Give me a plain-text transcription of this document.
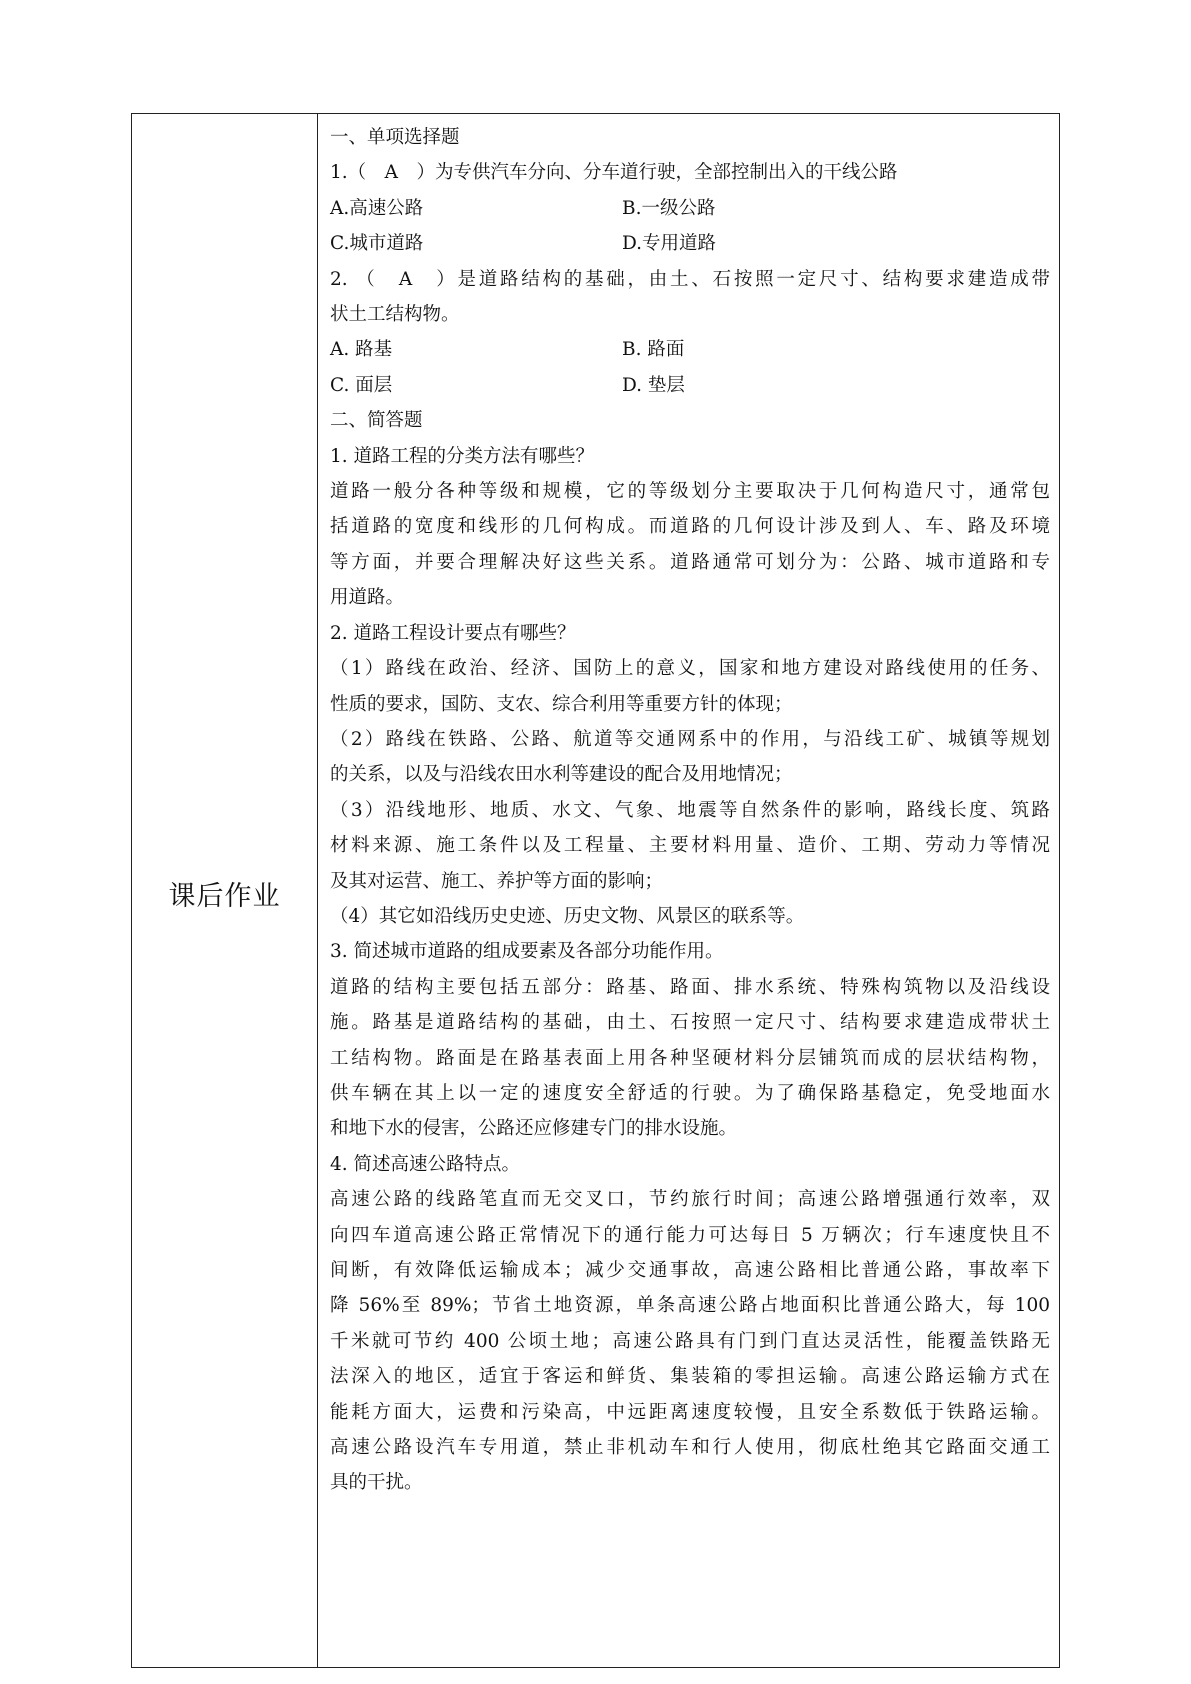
课后作业
一、单项选择题
1.（　A　）为专供汽车分向、分车道行驶，全部控制出入的干线公路
A.高速公路	B.一级公路
C.城市道路	D.专用道路
2. （　A　）是道路结构的基础，由土、石按照一定尺寸、结构要求建造成带
状土工结构物。
A. 路基	B. 路面
C. 面层	D. 垫层
二、简答题
1. 道路工程的分类方法有哪些？
道路一般分各种等级和规模，它的等级划分主要取决于几何构造尺寸，通常包
括道路的宽度和线形的几何构成。而道路的几何设计涉及到人、车、路及环境
等方面，并要合理解决好这些关系。道路通常可划分为：公路、城市道路和专
用道路。
2. 道路工程设计要点有哪些？
（1）路线在政治、经济、国防上的意义，国家和地方建设对路线使用的任务、
性质的要求，国防、支农、综合利用等重要方针的体现；
（2）路线在铁路、公路、航道等交通网系中的作用，与沿线工矿、城镇等规划
的关系，以及与沿线农田水利等建设的配合及用地情况；
（3）沿线地形、地质、水文、气象、地震等自然条件的影响，路线长度、筑路
材料来源、施工条件以及工程量、主要材料用量、造价、工期、劳动力等情况
及其对运营、施工、养护等方面的影响；
（4）其它如沿线历史史迹、历史文物、风景区的联系等。
3. 简述城市道路的组成要素及各部分功能作用。
道路的结构主要包括五部分：路基、路面、排水系统、特殊构筑物以及沿线设
施。路基是道路结构的基础，由土、石按照一定尺寸、结构要求建造成带状土
工结构物。路面是在路基表面上用各种坚硬材料分层铺筑而成的层状结构物，
供车辆在其上以一定的速度安全舒适的行驶。为了确保路基稳定，免受地面水
和地下水的侵害，公路还应修建专门的排水设施。
4. 简述高速公路特点。
高速公路的线路笔直而无交叉口，节约旅行时间；高速公路增强通行效率，双
向四车道高速公路正常情况下的通行能力可达每日 5 万辆次；行车速度快且不
间断，有效降低运输成本；减少交通事故，高速公路相比普通公路，事故率下
降 56%至 89%；节省土地资源，单条高速公路占地面积比普通公路大，每 100
千米就可节约 400 公顷土地；高速公路具有门到门直达灵活性，能覆盖铁路无
法深入的地区，适宜于客运和鲜货、集装箱的零担运输。高速公路运输方式在
能耗方面大，运费和污染高，中远距离速度较慢，且安全系数低于铁路运输。
高速公路设汽车专用道，禁止非机动车和行人使用，彻底杜绝其它路面交通工
具的干扰。
